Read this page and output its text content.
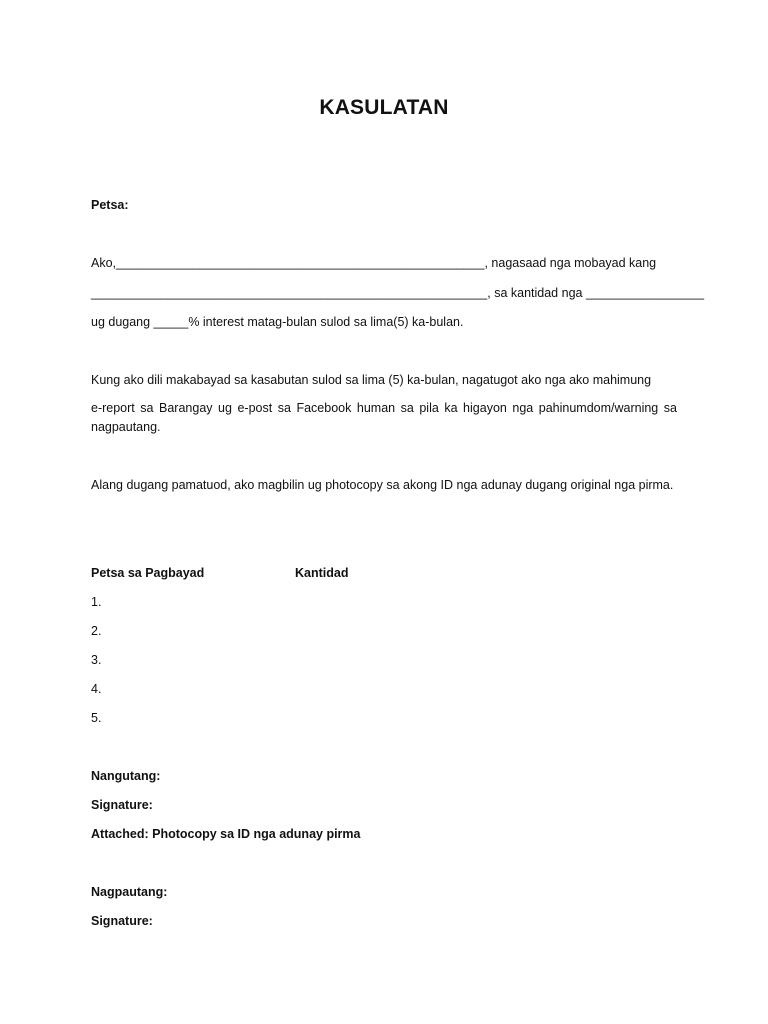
KASULATAN
Petsa:
Ako,_____________________________________________________, nagasaad nga mobayad kang
_________________________________________________________, sa kantidad nga _________________
ug dugang _____% interest matag-bulan sulod sa lima(5) ka-bulan.
Kung ako dili makabayad sa kasabutan sulod sa lima (5) ka-bulan, nagatugot ako nga ako mahimung
e-report sa Barangay ug e-post sa Facebook human sa pila ka higayon nga pahinumdom/warning sa nagpautang.
Alang dugang pamatuod, ako magbilin ug photocopy sa akong ID nga adunay dugang original nga pirma.
Petsa sa Pagbayad	Kantidad
1.
2.
3.
4.
5.
Nangutang:
Signature:
Attached: Photocopy sa ID nga adunay pirma
Nagpautang:
Signature:
